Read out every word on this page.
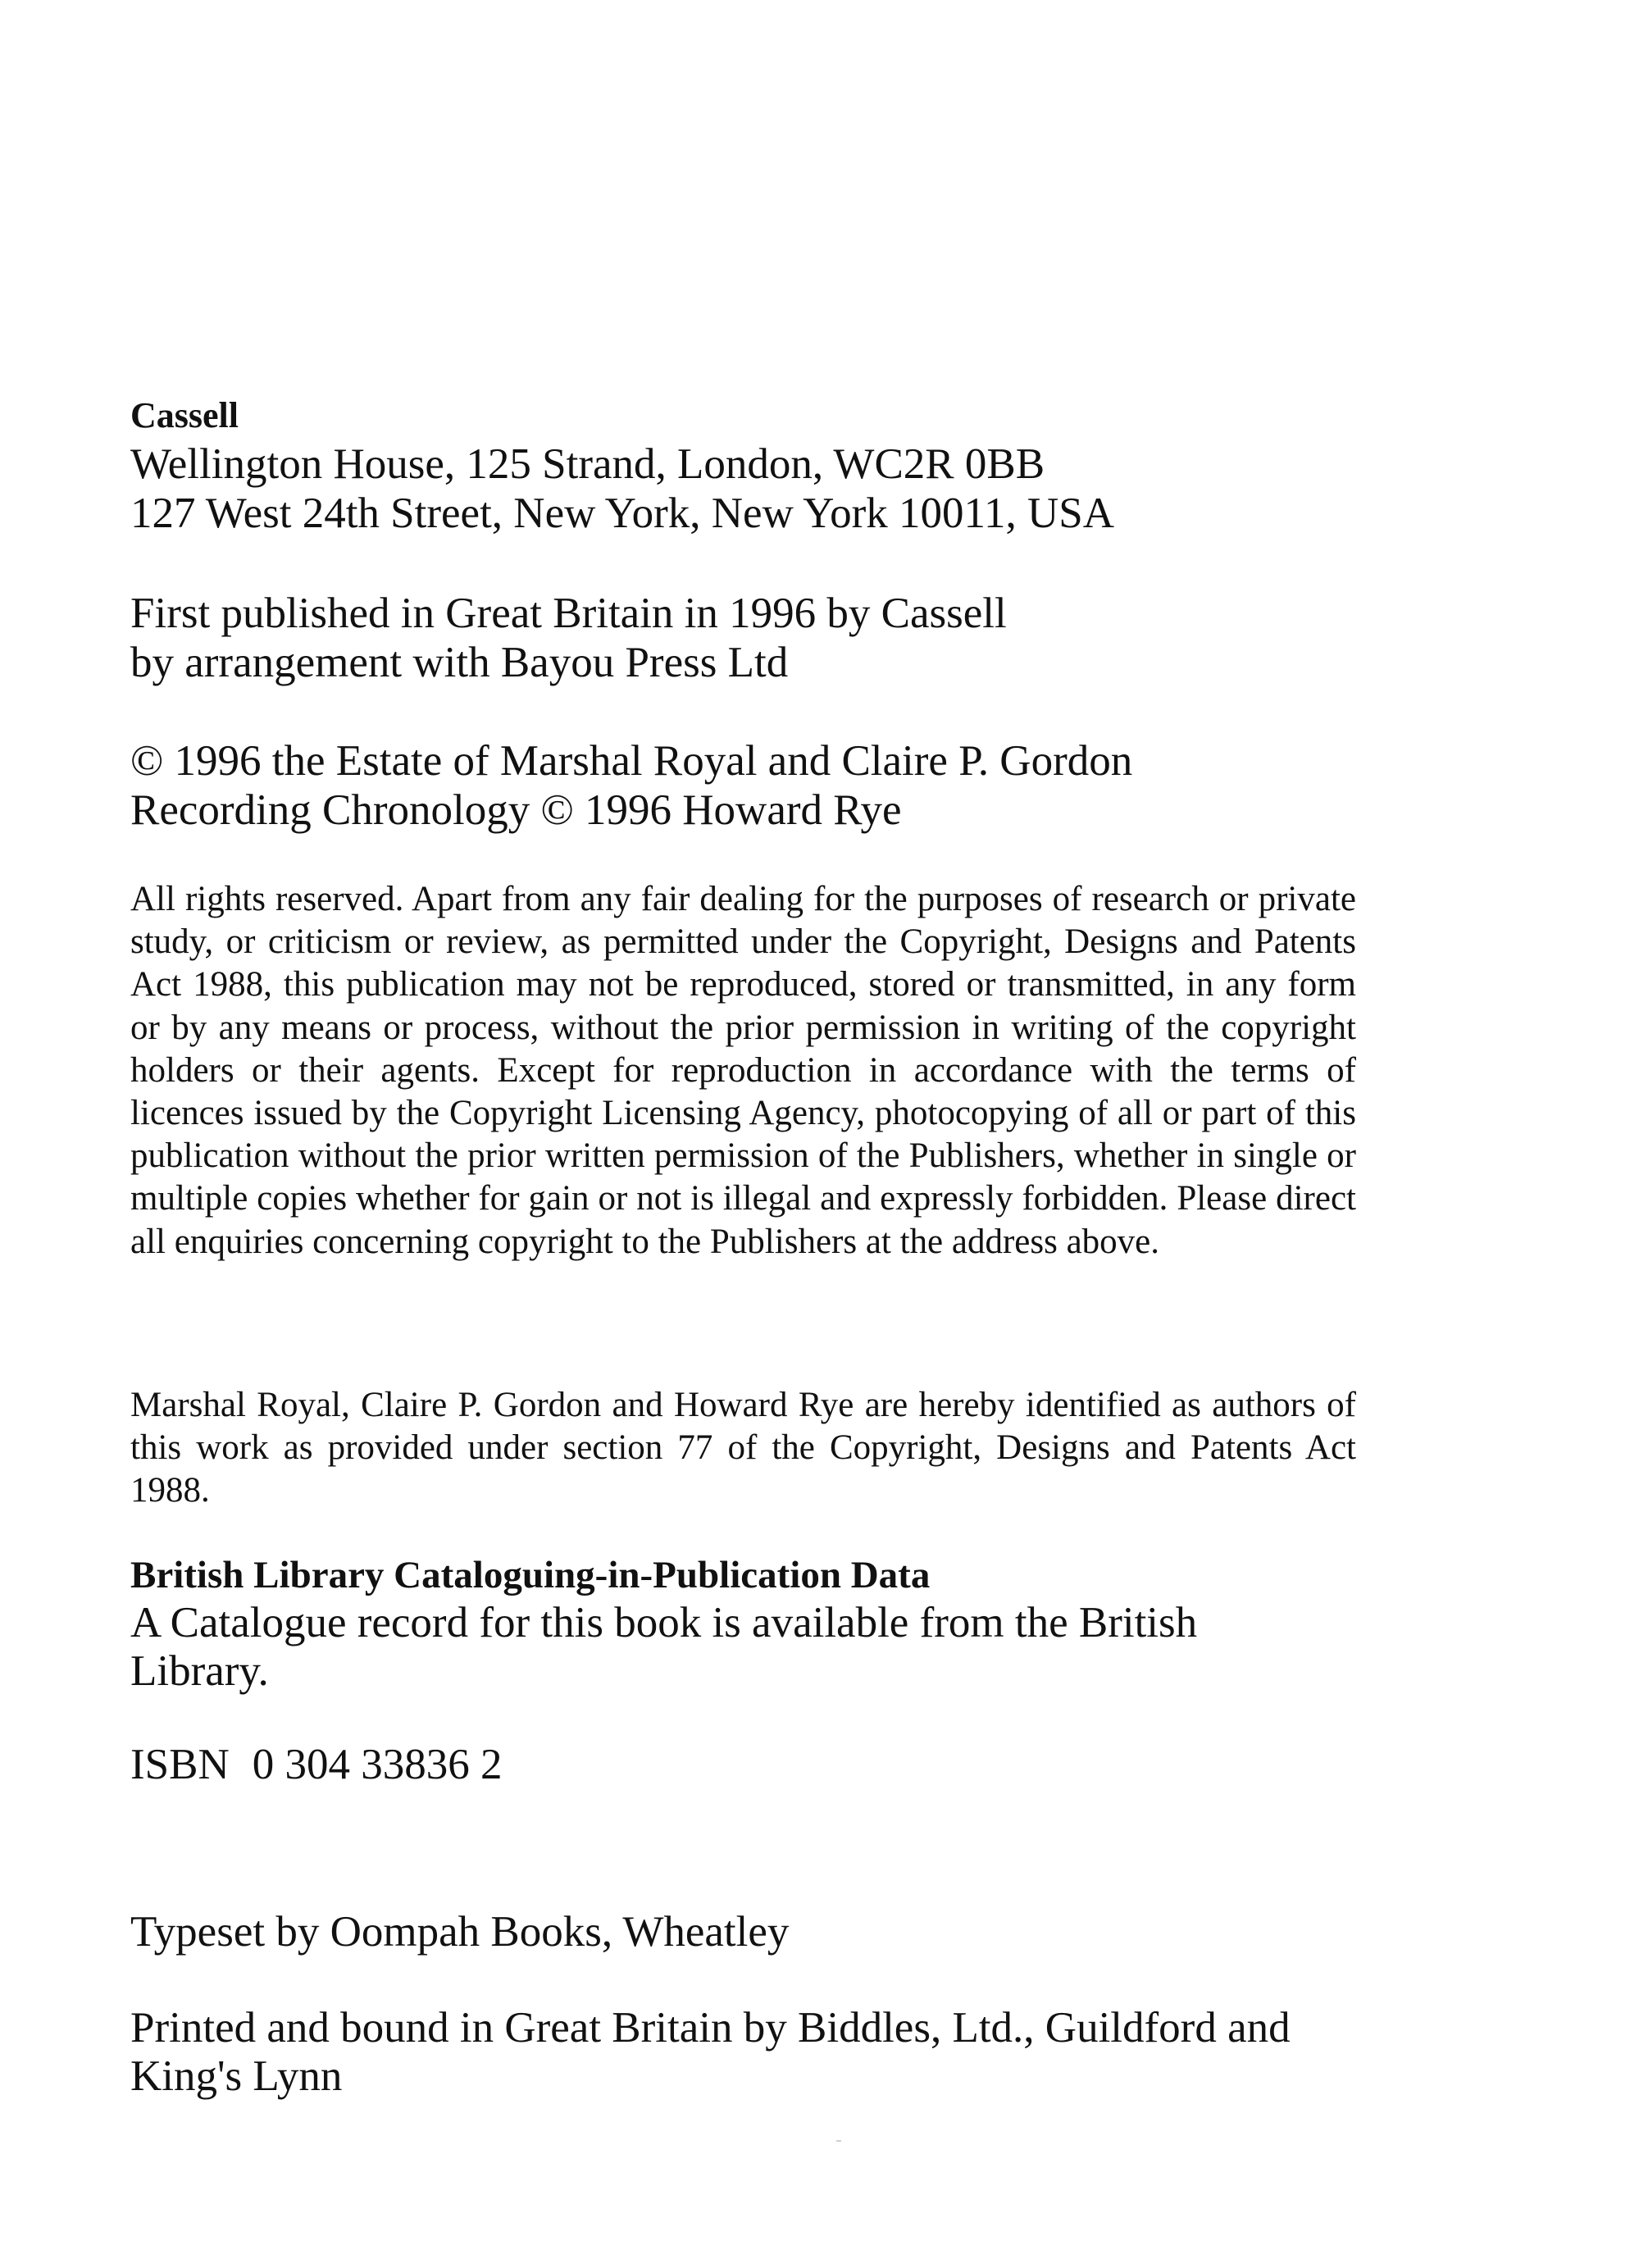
Cassell
Wellington House, 125 Strand, London, WC2R 0BB
127 West 24th Street, New York, New York 10011, USA
First published in Great Britain in 1996 by Cassell
by arrangement with Bayou Press Ltd
© 1996 the Estate of Marshal Royal and Claire P. Gordon
Recording Chronology © 1996 Howard Rye

All rights reserved. Apart from any fair dealing for the purposes of research or private study, or criticism or review, as permitted under the Copyright, Designs and Patents Act 1988, this publication may not be reproduced, stored or transmitted, in any form or by any means or process, without the prior permission in writing of the copyright holders or their agents. Except for reproduction in accordance with the terms of licences issued by the Copyright Licensing Agency, photocopying of all or part of this publication without the prior written permission of the Publishers, whether in single or multiple copies whether for gain or not is illegal and expressly forbidden. Please direct all enquiries concerning copyright to the Publishers at the address above.

Marshal Royal, Claire P. Gordon and Howard Rye are hereby identified as authors of this work as provided under section 77 of the Copyright, Designs and Patents Act 1988.

British Library Cataloguing-in-Publication Data
A Catalogue record for this book is available from the British Library.
ISBN 0 304 33836 2
Typeset by Oompah Books, Wheatley
Printed and bound in Great Britain by Biddles, Ltd., Guildford and King's Lynn
